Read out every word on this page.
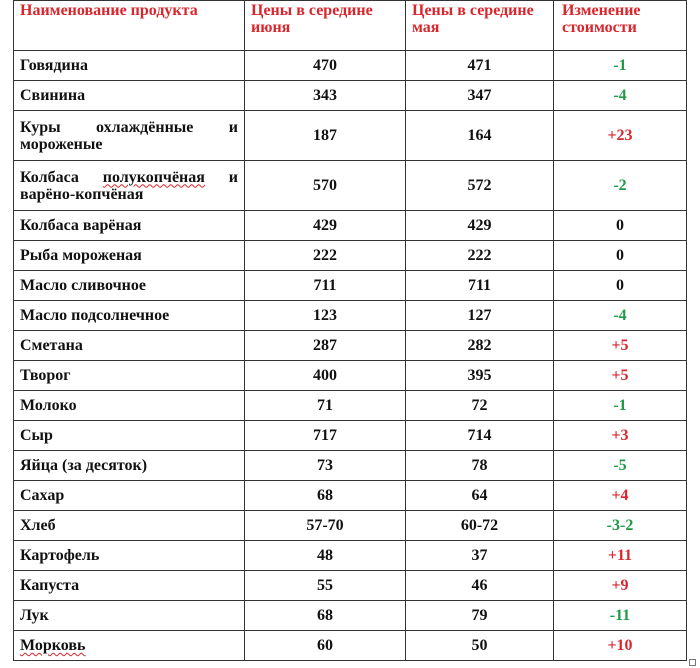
Наименование продукта	Цены в середине июня	Цены в середине мая	Изменение стоимости
Говядина	470	471	-1
Свинина	343	347	-4
Куры охлаждённые и мороженые	187	164	+23
Колбаса полукопчёная и варёно-копчёная	570	572	-2
Колбаса варёная	429	429	0
Рыба мороженая	222	222	0
Масло сливочное	711	711	0
Масло подсолнечное	123	127	-4
Сметана	287	282	+5
Творог	400	395	+5
Молоко	71	72	-1
Сыр	717	714	+3
Яйца (за десяток)	73	78	-5
Сахар	68	64	+4
Хлеб	57-70	60-72	-3-2
Картофель	48	37	+11
Капуста	55	46	+9
Лук	68	79	-11
Морковь	60	50	+10
